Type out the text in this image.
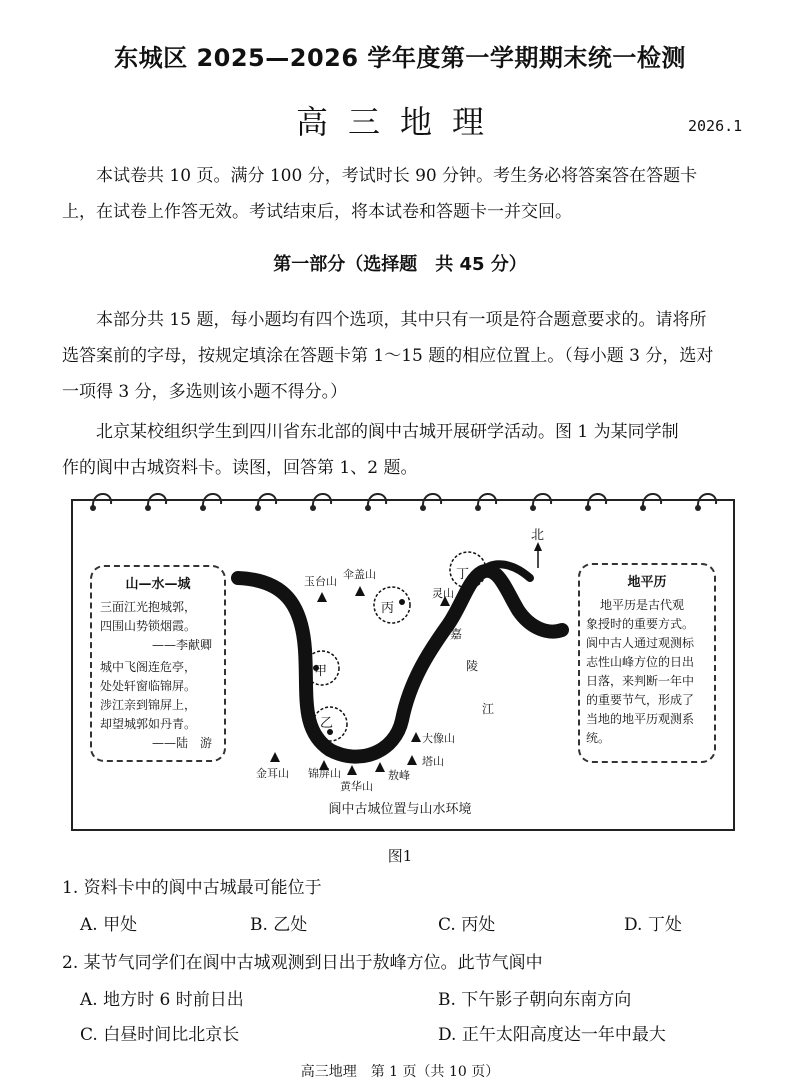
东城区 2025—2026 学年度第一学期期末统一检测
高三地理	2026.1

本试卷共 10 页。满分 100 分，考试时长 90 分钟。考生务必将答案答在答题卡

上，在试卷上作答无效。考试结束后，将本试卷和答题卡一并交回。

第一部分（选择题　共 45 分）

本部分共 15 题，每小题均有四个选项，其中只有一项是符合题意要求的。请将所

选答案前的字母，按规定填涂在答题卡第 1～15 题的相应位置上。（每小题 3 分，选对

一项得 3 分，多选则该小题不得分。）

北京某校组织学生到四川省东北部的阆中古城开展研学活动。图 1 为某同学制

作的阆中古城资料卡。读图，回答第 1、2 题。

山—水—城
三面江光抱城郭，
四围山势锁烟霞。
——李献卿
城中飞阁连危亭，
处处轩窗临锦屏。
涉江亲到锦屏上，
却望城郭如丹青。
——陆　游
地平历
地平历是古代观
象授时的重要方式。
阆中古人通过观测标
志性山峰方位的日出
日落，来判断一年中
的重要节气，形成了
当地的地平历观测系
统。
玉台山
伞盖山
灵山
大像山
塔山
敖峰
黄华山
锦屏山
金耳山
甲
乙
丙
丁
嘉
陵
江
北
阆中古城位置与山水环境
图1
1. 资料卡中的阆中古城最可能位于
A. 甲处	B. 乙处	C. 丙处	D. 丁处
2. 某节气同学们在阆中古城观测到日出于敖峰方位。此节气阆中
A. 地方时 6 时前日出	B. 下午影子朝向东南方向
C. 白昼时间比北京长	D. 正午太阳高度达一年中最大
高三地理　第 1 页（共 10 页）
